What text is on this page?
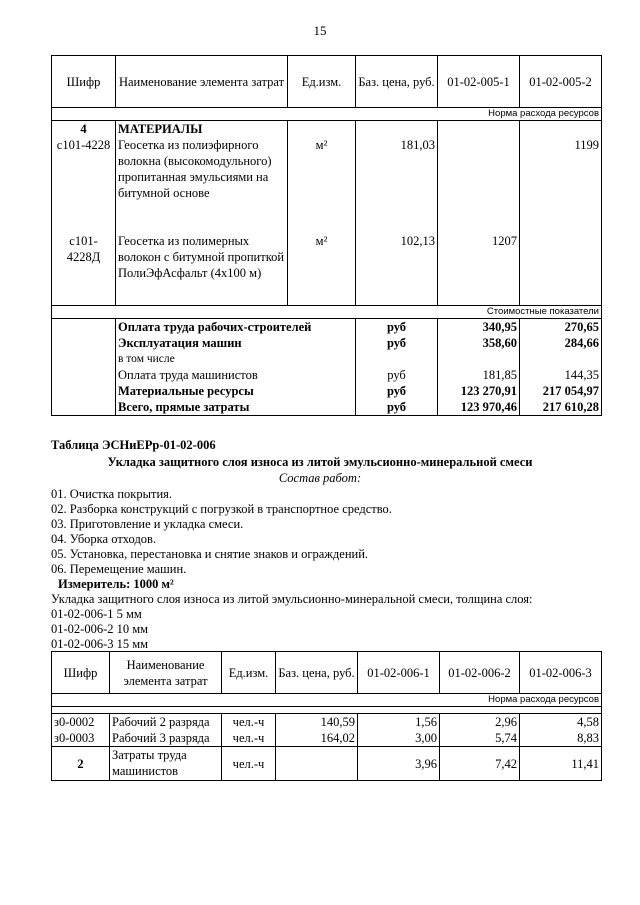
15
Шифр	Наименование элемента затрат	Ед.изм.	Баз. цена, руб.	01-02-005-1	01-02-005-2
Норма расхода ресурсов					
4	МАТЕРИАЛЫ				
с101-4228	Геосетка из полиэфирного волокна (высокомодульного) пропитанная эмульсиями на битумной основе	м²	181,03		1199
с101-4228Д	Геосетка из полимерных волокон с битумной пропиткой ПолиЭфАсфальт (4x100 м)	м²	102,13	1207	
Стоимостные показатели					
	Оплата труда рабочих-строителей		руб	340,95	270,65
	Эксплуатация машин		руб	358,60	284,66
	в том числе				
	Оплата труда машинистов		руб	181,85	144,35
	Материальные ресурсы		руб	123 270,91	217 054,97
	Всего, прямые затраты		руб	123 970,46	217 610,28
Таблица ЭСНиЕРр-01-02-006
Укладка защитного слоя износа из литой эмульсионно-минеральной смеси
Состав работ:
01. Очистка покрытия.
02. Разборка конструкций с погрузкой в транспортное средство.
03. Приготовление и укладка смеси.
04. Уборка отходов.
05. Установка, перестановка и снятие знаков и ограждений.
06. Перемещение машин.
Измеритель: 1000 м²
Укладка защитного слоя износа из литой эмульсионно-минеральной смеси, толщина слоя:
01-02-006-1 5 мм
01-02-006-2 10 мм
01-02-006-3 15 мм
Шифр	Наименование элемента затрат	Ед.изм.	Баз. цена, руб.	01-02-006-1	01-02-006-2	01-02-006-3
Норма расхода ресурсов						

з0-0002	Рабочий 2 разряда	чел.-ч	140,59	1,56	2,96	4,58
з0-0003	Рабочий 3 разряда	чел.-ч	164,02	3,00	5,74	8,83
2	Затраты труда машинистов	чел.-ч		3,96	7,42	11,41
